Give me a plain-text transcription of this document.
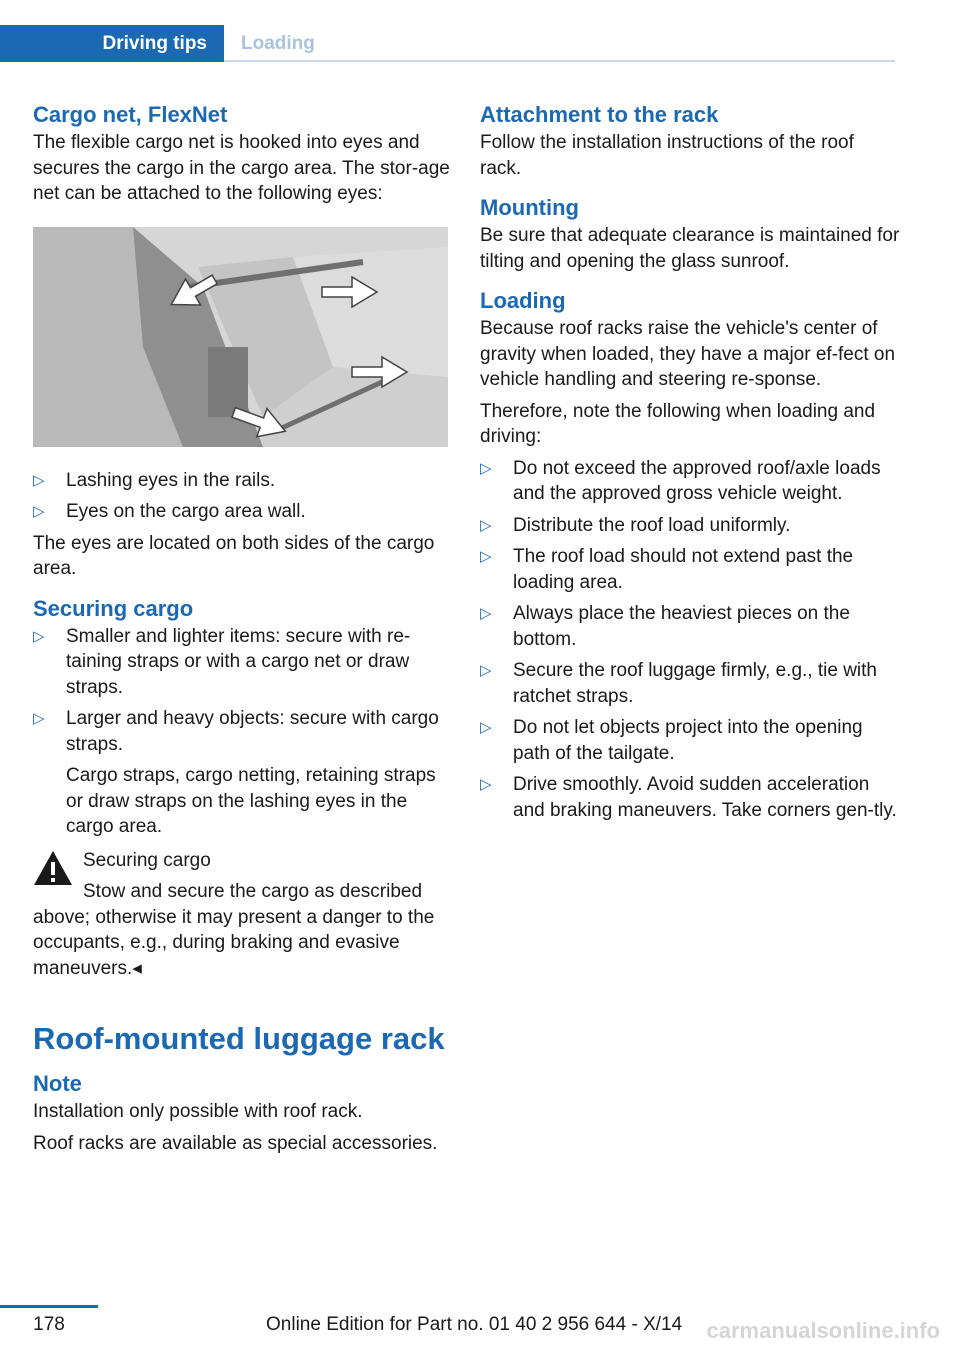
Driving tips	Loading
Cargo net, FlexNet

The flexible cargo net is hooked into eyes and secures the cargo in the cargo area. The stor-age net can be attached to the following eyes:

▷ Lashing eyes in the rails.
▷ Eyes on the cargo area wall.

The eyes are located on both sides of the cargo area.

Securing cargo
▷ Smaller and lighter items: secure with re-taining straps or with a cargo net or draw straps.
▷ Larger and heavy objects: secure with cargo straps.

Cargo straps, cargo netting, retaining straps or draw straps on the lashing eyes in the cargo area.

Securing cargo

Stow and secure the cargo as described

above; otherwise it may present a danger to the occupants, e.g., during braking and evasive maneuvers.◂

Roof-mounted luggage rack
Note

Installation only possible with roof rack.

Roof racks are available as special accessories.

Attachment to the rack

Follow the installation instructions of the roof rack.

Mounting

Be sure that adequate clearance is maintained for tilting and opening the glass sunroof.

Loading

Because roof racks raise the vehicle's center of gravity when loaded, they have a major ef-fect on vehicle handling and steering re-sponse.

Therefore, note the following when loading and driving:

▷ Do not exceed the approved roof/axle loads and the approved gross vehicle weight.
▷ Distribute the roof load uniformly.
▷ The roof load should not extend past the loading area.
▷ Always place the heaviest pieces on the bottom.
▷ Secure the roof luggage firmly, e.g., tie with ratchet straps.
▷ Do not let objects project into the opening path of the tailgate.
▷ Drive smoothly. Avoid sudden acceleration and braking maneuvers. Take corners gen-tly.
178	Online Edition for Part no. 01 40 2 956 644 - X/14 carmanualsonline.info
